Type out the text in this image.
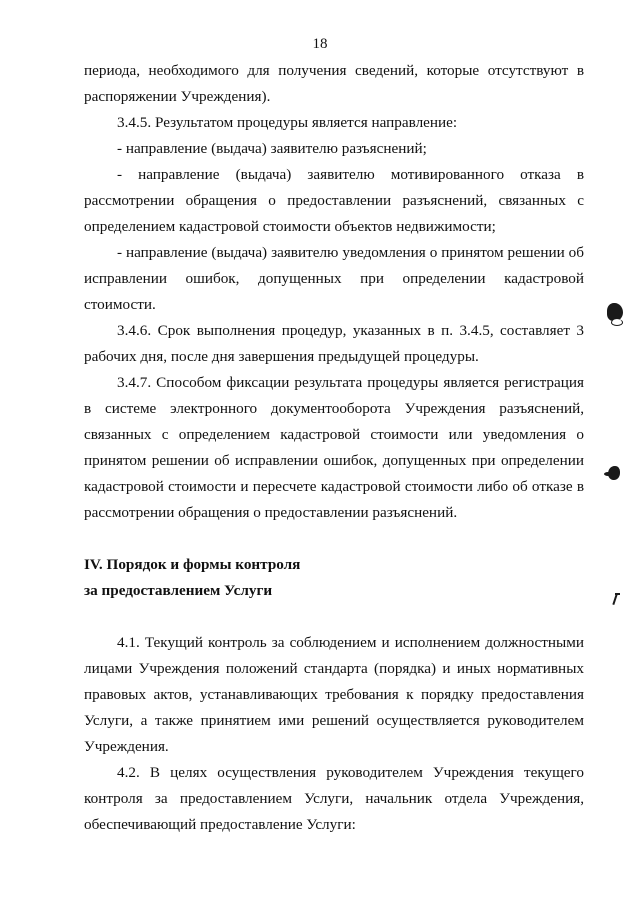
18

периода, необходимого для получения сведений, которые отсутствуют в распоряжении Учреждения).

3.4.5. Результатом процедуры является направление:

- направление (выдача) заявителю разъяснений;

- направление (выдача) заявителю мотивированного отказа в рассмотрении обращения о предоставлении разъяснений, связанных с определением кадастровой стоимости объектов недвижимости;

- направление (выдача) заявителю уведомления о принятом решении об исправлении ошибок, допущенных при определении кадастровой стоимости.

3.4.6. Срок выполнения процедур, указанных в п. 3.4.5, составляет 3 рабочих дня, после дня завершения предыдущей процедуры.

3.4.7. Способом фиксации результата процедуры является регистрация в системе электронного документооборота Учреждения разъяснений, связанных с определением кадастровой стоимости или уведомления о принятом решении об исправлении ошибок, допущенных при определении кадастровой стоимости и пересчете кадастровой стоимости либо об отказе в рассмотрении обращения о предоставлении разъяснений.

IV. Порядок и формы контроля

за предоставлением Услуги

4.1. Текущий контроль за соблюдением и исполнением должностными лицами Учреждения положений стандарта (порядка) и иных нормативных правовых актов, устанавливающих требования к порядку предоставления Услуги, а также принятием ими решений осуществляется руководителем Учреждения.

4.2. В целях осуществления руководителем Учреждения текущего контроля за предоставлением Услуги, начальник отдела Учреждения, обеспечивающий предоставление Услуги:
